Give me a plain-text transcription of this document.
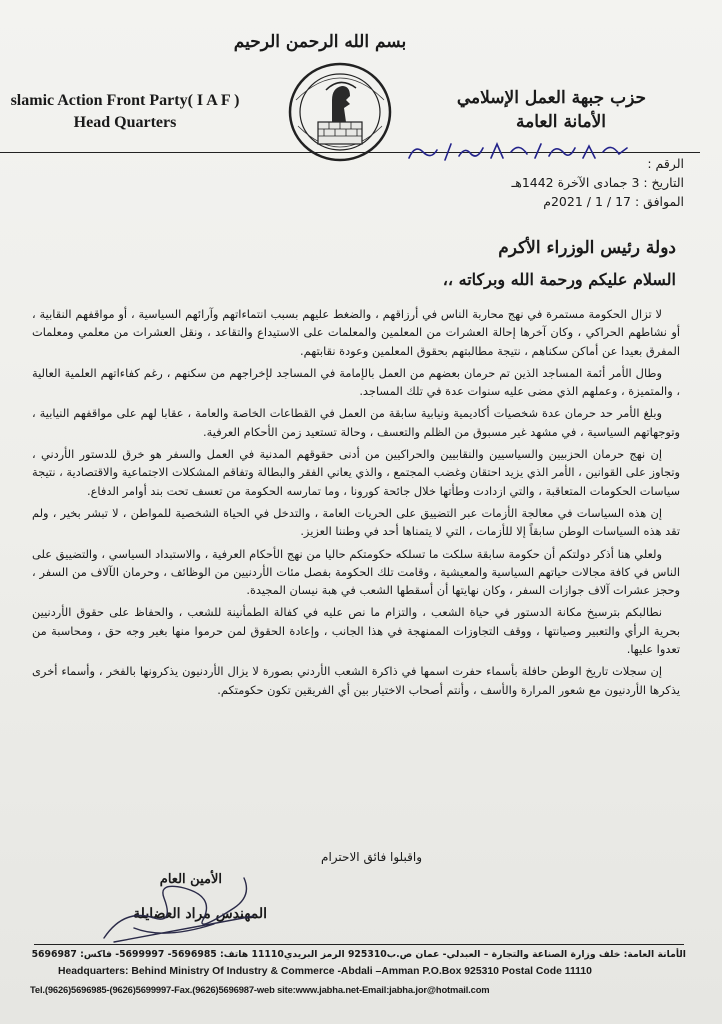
بسم الله الرحمن الرحيم
slamic Action Front Party( I A F )
Head Quarters
حزب جبهة العمل الإسلامي
الأمانة العامة
٣/١/٢٠١٣/١١٠/٢٩٣
الرقم :
التاريخ : 3 جمادى الآخرة 1442هـ
الموافق : 17 / 1 / 2021م
دولة رئيس الوزراء الأكرم
السلام عليكم ورحمة الله وبركاته ،،

لا تزال الحكومة مستمرة في نهج محاربة الناس في أرزاقهم ، والضغط عليهم بسبب انتماءاتهم وآرائهم السياسية ، أو مواقفهم النقابية ، أو نشاطهم الحراكي ، وكان آخرها إحالة العشرات من المعلمين والمعلمات على الاستيداع والتقاعد ، ونقل العشرات من معلمي ومعلمات المفرق بعيدا عن أماكن سكناهم ، نتيجة مطالبتهم بحقوق المعلمين وعودة نقابتهم.

وطال الأمر أئمة المساجد الذين تم حرمان بعضهم من العمل بالإمامة في المساجد لإخراجهم من سكنهم ، رغم كفاءاتهم العلمية العالية ، والمتميزة ، وعملهم الذي مضى عليه سنوات عدة في تلك المساجد.

وبلغ الأمر حد حرمان عدة شخصيات أكاديمية ونيابية سابقة من العمل في القطاعات الخاصة والعامة ، عقابا لهم على مواقفهم النيابية ، وتوجهاتهم السياسية ، في مشهد غير مسبوق من الظلم والتعسف ، وحالة تستعيد زمن الأحكام العرفية.

إن نهج حرمان الحزبيين والسياسيين والنقابيين والحراكيين من أدنى حقوقهم المدنية في العمل والسفر هو خرق للدستور الأردني ، وتجاوز على القوانين ، الأمر الذي يزيد احتقان وغضب المجتمع ، والذي يعاني الفقر والبطالة وتفاقم المشكلات الاجتماعية والاقتصادية ، نتيجة سياسات الحكومات المتعاقبة ، والتي ازدادت وطأتها خلال جائحة كورونا ، وما تمارسه الحكومة من تعسف تحت بند أوامر الدفاع.

إن هذه السياسات في معالجة الأزمات عبر التضييق على الحريات العامة ، والتدخل في الحياة الشخصية للمواطن ، لا تبشر بخير ، ولم تقد هذه السياسات الوطن سابقاً إلا للأزمات ، التي لا يتمناها أحد في وطننا العزيز.

ولعلي هنا أذكر دولتكم أن حكومة سابقة سلكت ما تسلكه حكومتكم حاليا من نهج الأحكام العرفية ، والاستبداد السياسي ، والتضييق على الناس في كافة مجالات حياتهم السياسية والمعيشية ، وقامت تلك الحكومة بفصل مئات الأردنيين من الوظائف ، وحرمان الآلاف من السفر ، وحجز عشرات آلاف جوازات السفر ، وكان نهايتها أن أسقطها الشعب في هبة نيسان المجيدة.

نطالبكم بترسيخ مكانة الدستور في حياة الشعب ، والتزام ما نص عليه في كفالة الطمأنينة للشعب ، والحفاظ على حقوق الأردنيين بحرية الرأي والتعبير وصيانتها ، ووقف التجاوزات الممنهجة في هذا الجانب ، وإعادة الحقوق لمن حرموا منها بغير وجه حق ، ومحاسبة من تعدوا عليها.

إن سجلات تاريخ الوطن حافلة بأسماء حفرت اسمها في ذاكرة الشعب الأردني بصورة لا يزال الأردنيون يذكرونها بالفخر ، وأسماء أخرى يذكرها الأردنيون مع شعور المرارة والأسف ، وأنتم أصحاب الاختيار بين أي الفريقين تكون حكومتكم.

واقبلوا فائق الاحترام
الأمين العام
المهندس مراد العضايلة
الأمانة العامة: خلف وزارة الصناعة والتجارة – العبدلي- عمان ص.ب925310 الرمز البريدي11110 هاتف: 5696985- 5699997- فاكس: 5696987
Headquarters: Behind Ministry Of Industry & Commerce -Abdali –Amman P.O.Box 925310 Postal Code 11110
Tel.(9626)5696985-(9626)5699997-Fax.(9626)5696987-web site:www.jabha.net-Email:jabha.jor@hotmail.com
